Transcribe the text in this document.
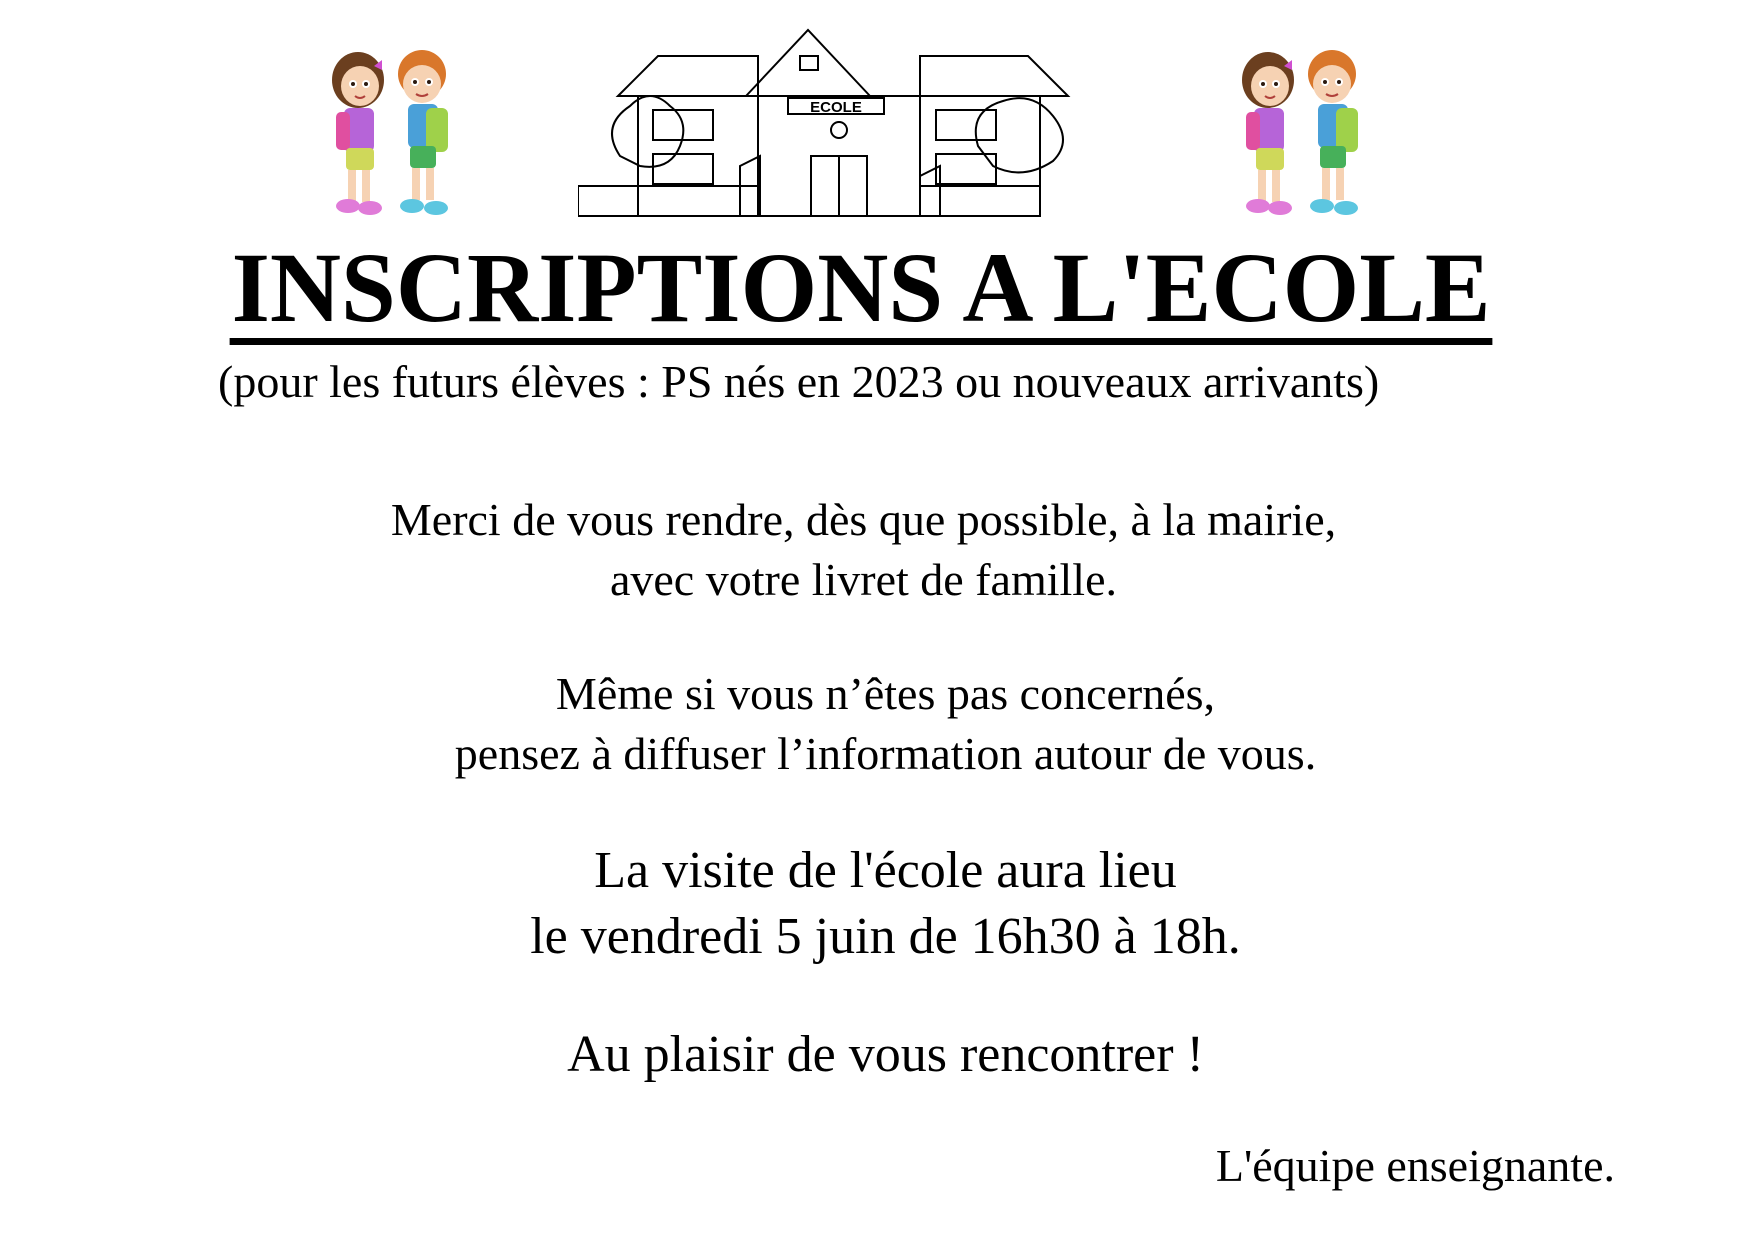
ECOLE
INSCRIPTIONS A L'ECOLE
(pour les futurs élèves : PS nés en 2023 ou nouveaux arrivants)

Merci de vous rendre, dès que possible, à la mairie,
avec votre livret de famille.

Même si vous n’êtes pas concernés,
pensez à diffuser l’information autour de vous.

La visite de l'école aura lieu
le vendredi 5 juin de 16h30 à 18h.

Au plaisir de vous rencontrer !

L'équipe enseignante.
